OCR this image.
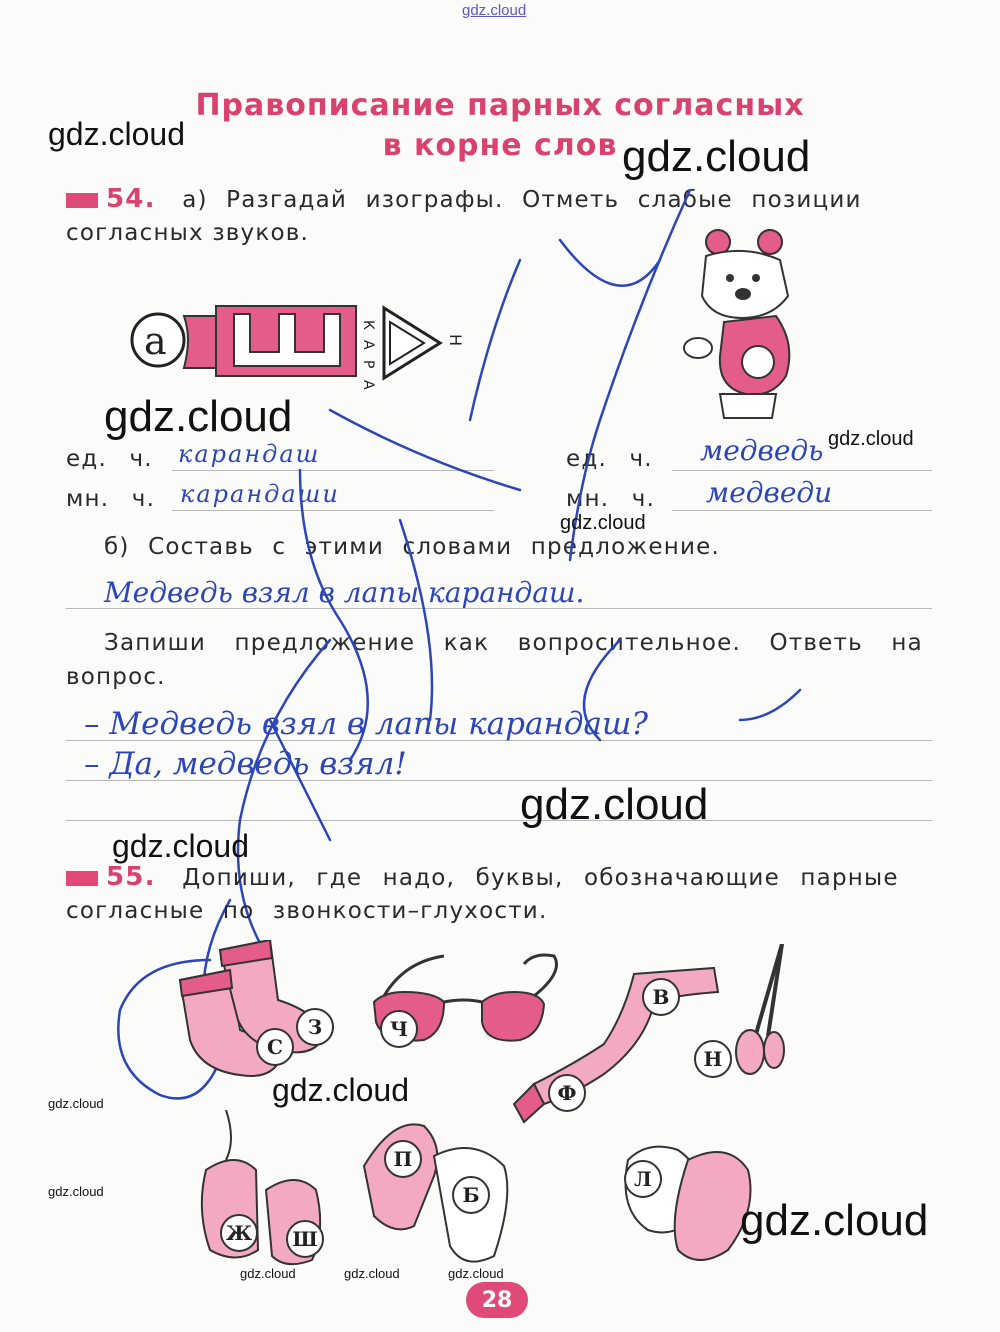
gdz.cloud
Правописание парных согласных
в корне слов
54. а) Разгадай изографы. Отметь слабые позиции
согласных звуков.
a	К
А
Р
А
Н
ед. ч. карандаш	ед. ч. медведь
мн. ч. карандаши	мн. ч. медведи
б) Составь с этими словами предложение.
Медведь взял в лапы карандаш.
Запиши предложение как вопросительное. Ответь на
вопрос.
– Медведь взял в лапы карандаш?
– Да, медведь взял!
55. Допиши, где надо, буквы, обозначающие парные
согласные по звонкости–глухости.
С
З	Ч
В
Ф
Н
Ж	Ш
П
Б
Л
28
gdz.cloud	gdz.cloud
gdz.cloud	gdz.cloud
gdz.cloud
gdz.cloud
gdz.cloud
gdz.cloud
gdz.cloud
gdz.cloud
gdz.cloud
gdz.cloud	gdz.cloud	gdz.cloud
